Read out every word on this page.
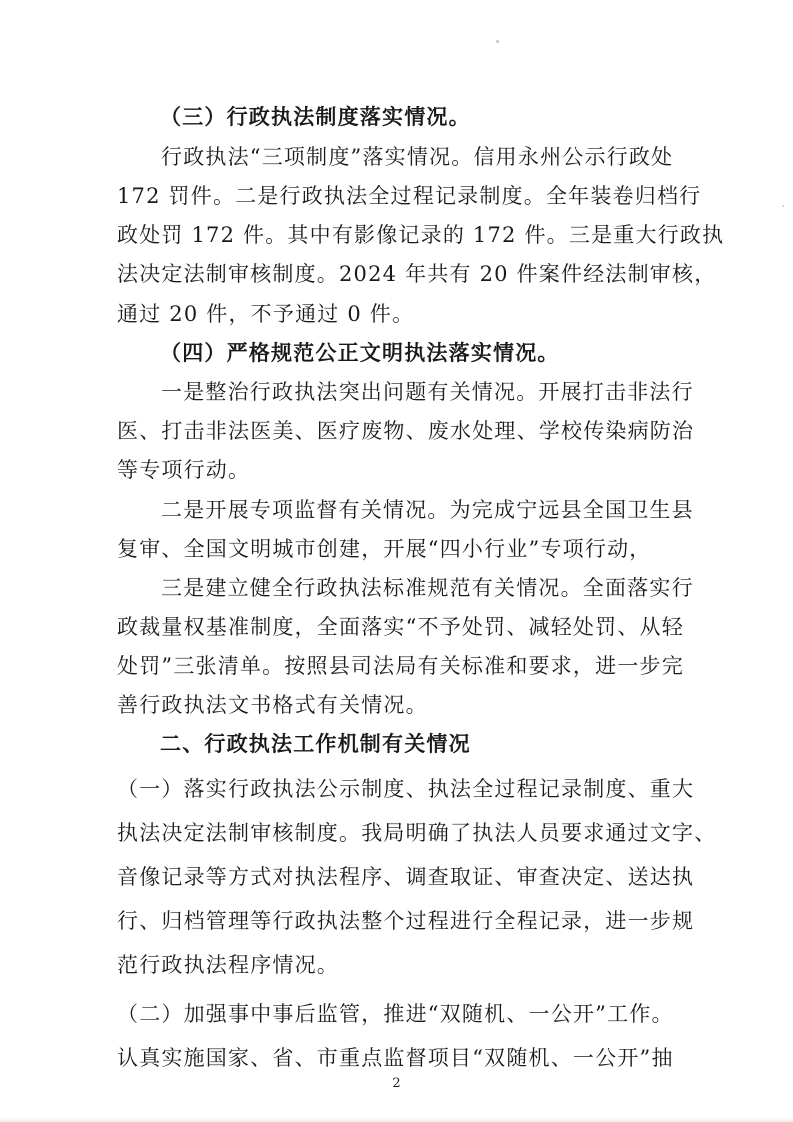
（三）行政执法制度落实情况。
行政执法“三项制度”落实情况。信用永州公示行政处
172 罚件。二是行政执法全过程记录制度。全年装卷归档行
政处罚 172 件。其中有影像记录的 172 件。三是重大行政执
法决定法制审核制度。2024 年共有 20 件案件经法制审核，
通过 20 件，不予通过 0 件。
（四）严格规范公正文明执法落实情况。
一是整治行政执法突出问题有关情况。开展打击非法行
医、打击非法医美、医疗废物、废水处理、学校传染病防治
等专项行动。
二是开展专项监督有关情况。为完成宁远县全国卫生县
复审、全国文明城市创建，开展“四小行业”专项行动，
三是建立健全行政执法标准规范有关情况。全面落实行
政裁量权基准制度，全面落实“不予处罚、减轻处罚、从轻
处罚”三张清单。按照县司法局有关标准和要求，进一步完
善行政执法文书格式有关情况。
二、行政执法工作机制有关情况
（一）落实行政执法公示制度、执法全过程记录制度、重大
执法决定法制审核制度。我局明确了执法人员要求通过文字、
音像记录等方式对执法程序、调查取证、审查决定、送达执
行、归档管理等行政执法整个过程进行全程记录，进一步规
范行政执法程序情况。
（二）加强事中事后监管，推进“双随机、一公开”工作。
认真实施国家、省、市重点监督项目“双随机、一公开”抽
2
